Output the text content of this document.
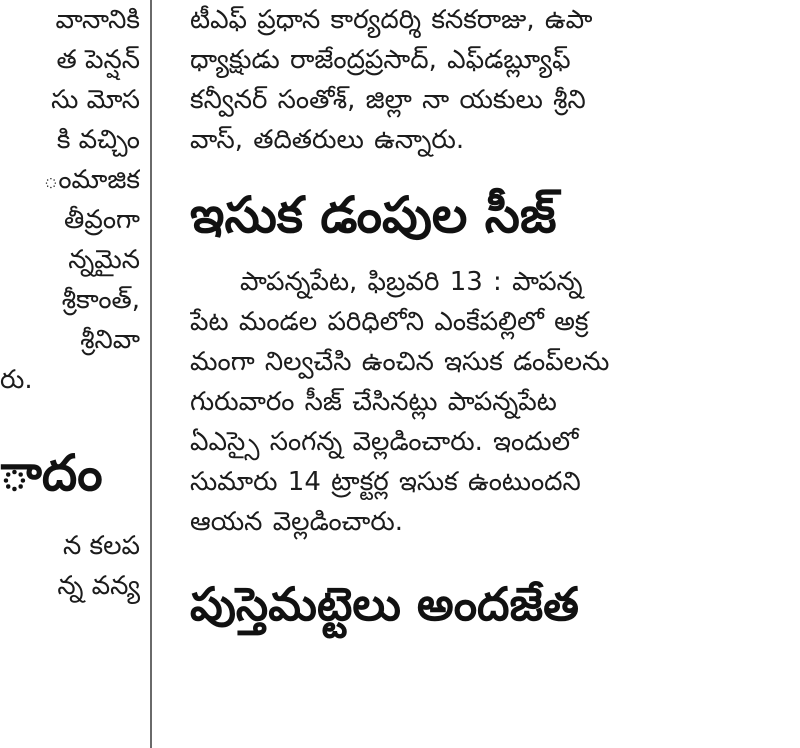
వానానికి
త పెన్షన్
సు మోస
కి వచ్చిం
ంమాజిక
తీవ్రంగా
న్నమైన
శ్రీకాంత్,
శ్రీనివా
రు.
ాదం
న కలప
న్న వన్య
టీఎఫ్ ప్రధాన కార్యదర్శి కనకరాజు, ఉపా
ధ్యాక్షుడు రాజేంద్రప్రసాద్, ఎఫ్‌డబ్ల్యూఫ్
కన్వీనర్ సంతోశ్, జిల్లా నా యకులు శ్రీని
వాస్, తదితరులు ఉన్నారు.
ఇసుక డంపుల సీజ్
పాపన్నపేట, ఫిబ్రవరి 13 : పాపన్న
పేట మండల పరిధిలోని ఎంకేపల్లిలో అక్ర
మంగా నిల్వచేసి ఉంచిన ఇసుక డంప్‌లను
గురువారం సీజ్ చేసినట్లు పాపన్నపేట
ఏఎస్సై సంగన్న వెల్లడించారు. ఇందులో
సుమారు 14 ట్రాక్టర్ల ఇసుక ఉంటుందని
ఆయన వెల్లడించారు.
పుస్తెమట్టెలు అందజేత
